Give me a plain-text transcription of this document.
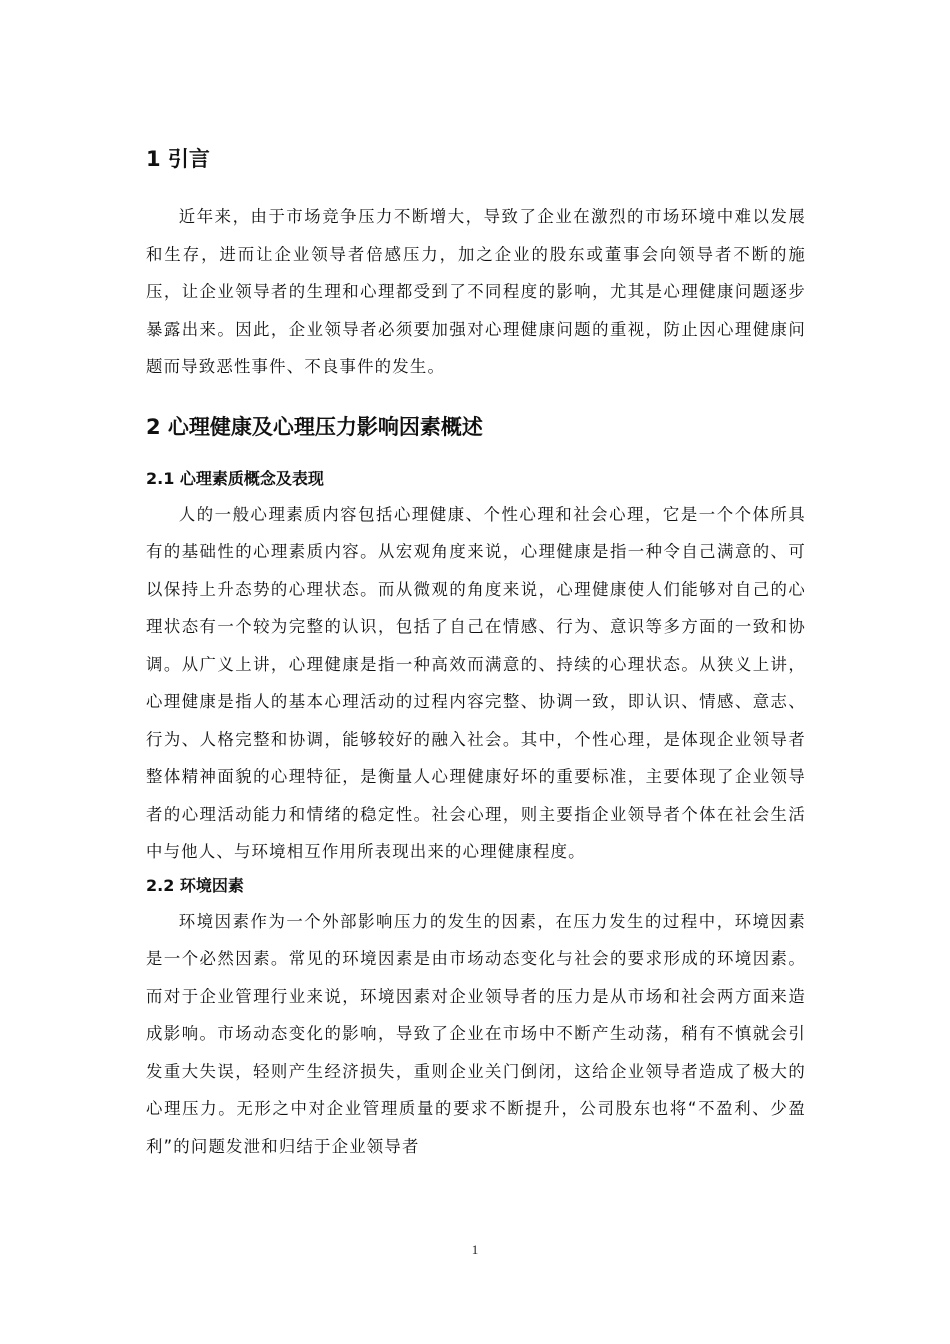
1 引言

近年来，由于市场竞争压力不断增大，导致了企业在激烈的市场环境中难以发展和生存，进而让企业领导者倍感压力，加之企业的股东或董事会向领导者不断的施压，让企业领导者的生理和心理都受到了不同程度的影响，尤其是心理健康问题逐步暴露出来。因此，企业领导者必须要加强对心理健康问题的重视，防止因心理健康问题而导致恶性事件、不良事件的发生。

2 心理健康及心理压力影响因素概述
2.1 心理素质概念及表现

人的一般心理素质内容包括心理健康、个性心理和社会心理，它是一个个体所具有的基础性的心理素质内容。从宏观角度来说，心理健康是指一种令自己满意的、可以保持上升态势的心理状态。而从微观的角度来说，心理健康使人们能够对自己的心理状态有一个较为完整的认识，包括了自己在情感、行为、意识等多方面的一致和协调。从广义上讲，心理健康是指一种高效而满意的、持续的心理状态。从狭义上讲，心理健康是指人的基本心理活动的过程内容完整、协调一致，即认识、情感、意志、行为、人格完整和协调，能够较好的融入社会。其中，个性心理，是体现企业领导者整体精神面貌的心理特征，是衡量人心理健康好坏的重要标准，主要体现了企业领导者的心理活动能力和情绪的稳定性。社会心理，则主要指企业领导者个体在社会生活中与他人、与环境相互作用所表现出来的心理健康程度。

2.2 环境因素

环境因素作为一个外部影响压力的发生的因素，在压力发生的过程中，环境因素是一个必然因素。常见的环境因素是由市场动态变化与社会的要求形成的环境因素。而对于企业管理行业来说，环境因素对企业领导者的压力是从市场和社会两方面来造成影响。市场动态变化的影响，导致了企业在市场中不断产生动荡，稍有不慎就会引发重大失误，轻则产生经济损失，重则企业关门倒闭，这给企业领导者造成了极大的心理压力。无形之中对企业管理质量的要求不断提升，公司股东也将“不盈利、少盈利”的问题发泄和归结于企业领导者

1
